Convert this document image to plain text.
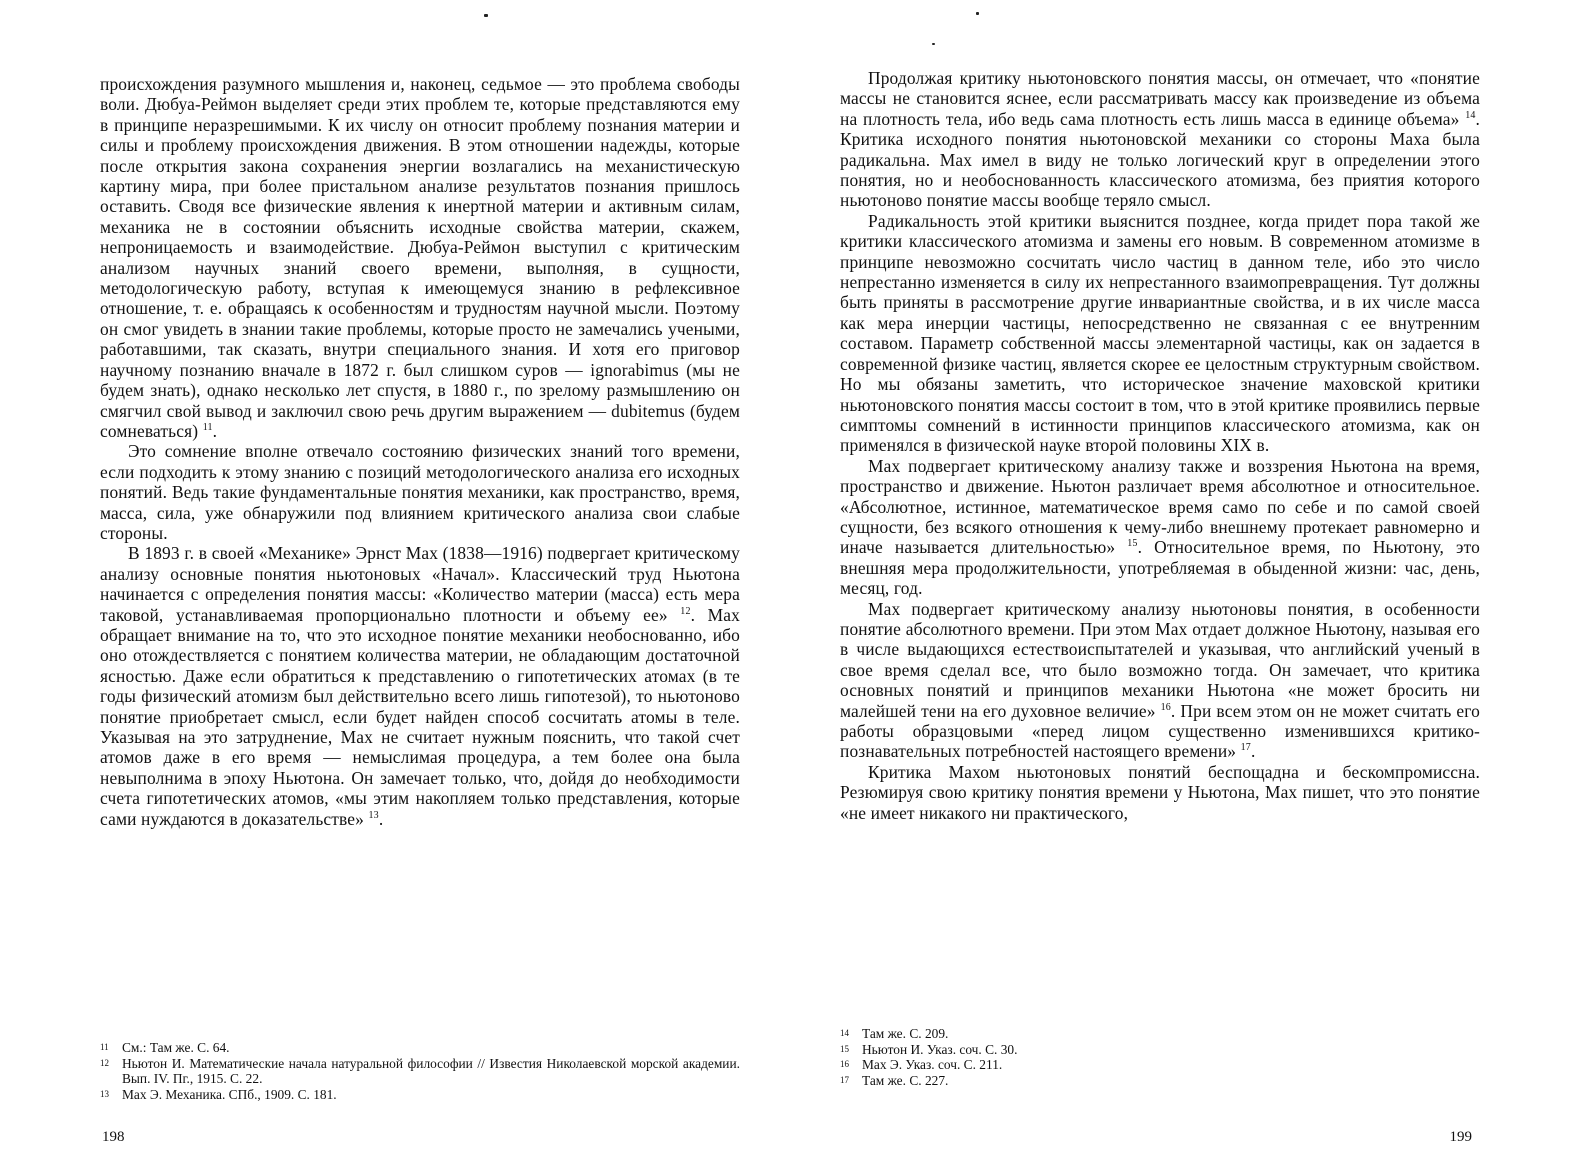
происхождения разумного мышления и, наконец, седьмое — это проблема свободы воли. Дюбуа-Реймон выделяет среди этих проблем те, которые представляются ему в принципе неразрешимыми. К их числу он относит проблему познания материи и силы и проблему происхождения движения. В этом отношении надежды, которые после открытия закона сохранения энергии возлагались на механистическую картину мира, при более пристальном анализе результатов познания пришлось оставить. Сводя все физические явления к инертной материи и активным силам, механика не в состоянии объяснить исходные свойства материи, скажем, непроницаемость и взаимодействие. Дюбуа-Реймон выступил с критическим анализом научных знаний своего времени, выполняя, в сущности, методологическую работу, вступая к имеющемуся знанию в рефлексивное отношение, т. е. обращаясь к особенностям и трудностям научной мысли. Поэтому он смог увидеть в знании такие проблемы, которые просто не замечались учеными, работавшими, так сказать, внутри специального знания. И хотя его приговор научному познанию вначале в 1872 г. был слишком суров — ignorabimus (мы не будем знать), однако несколько лет спустя, в 1880 г., по зрелому размышлению он смягчил свой вывод и заключил свою речь другим выражением — dubitemus (будем сомневаться) $^{11}$.

Это сомнение вполне отвечало состоянию физических знаний того времени, если подходить к этому знанию с позиций методологического анализа его исходных понятий. Ведь такие фундаментальные понятия механики, как пространство, время, масса, сила, уже обнаружили под влиянием критического анализа свои слабые стороны.

В 1893 г. в своей «Механике» Эрнст Мах (1838—1916) подвергает критическому анализу основные понятия ньютоновых «Начал». Классический труд Ньютона начинается с определения понятия массы: «Количество материи (масса) есть мера таковой, устанавливаемая пропорционально плотности и объему ее» $^{12}$. Мах обращает внимание на то, что это исходное понятие механики необоснованно, ибо оно отождествляется с понятием количества материи, не обладающим достаточной ясностью. Даже если обратиться к представлению о гипотетических атомах (в те годы физический атомизм был действительно всего лишь гипотезой), то ньютоново понятие приобретает смысл, если будет найден способ сосчитать атомы в теле. Указывая на это затруднение, Мах не считает нужным пояснить, что такой счет атомов даже в его время — немыслимая процедура, а тем более она была невыполнима в эпоху Ньютона. Он замечает только, что, дойдя до необходимости счета гипотетических атомов, «мы этим накопляем только представления, которые сами нуждаются в доказательстве» $^{13}$.

11 См.: Там же. С. 64.
12 Ньютон И. Математические начала натуральной философии // Известия Николаевской морской академии. Вып. IV. Пг., 1915. С. 22.
13 Мах Э. Механика. СПб., 1909. С. 181.
198

Продолжая критику ньютоновского понятия массы, он отмечает, что «понятие массы не становится яснее, если рассматривать массу как произведение из объема на плотность тела, ибо ведь сама плотность есть лишь масса в единице объема» $^{14}$. Критика исходного понятия ньютоновской механики со стороны Маха была радикальна. Мах имел в виду не только логический круг в определении этого понятия, но и необоснованность классического атомизма, без приятия которого ньютоново понятие массы вообще теряло смысл.

Радикальность этой критики выяснится позднее, когда придет пора такой же критики классического атомизма и замены его новым. В современном атомизме в принципе невозможно сосчитать число частиц в данном теле, ибо это число непрестанно изменяется в силу их непрестанного взаимопревращения. Тут должны быть приняты в рассмотрение другие инвариантные свойства, и в их числе масса как мера инерции частицы, непосредственно не связанная с ее внутренним составом. Параметр собственной массы элементарной частицы, как он задается в современной физике частиц, является скорее ее целостным структурным свойством. Но мы обязаны заметить, что историческое значение маховской критики ньютоновского понятия массы состоит в том, что в этой критике проявились первые симптомы сомнений в истинности принципов классического атомизма, как он применялся в физической науке второй половины XIX в.

Мах подвергает критическому анализу также и воззрения Ньютона на время, пространство и движение. Ньютон различает время абсолютное и относительное. «Абсолютное, истинное, математическое время само по себе и по самой своей сущности, без всякого отношения к чему-либо внешнему протекает равномерно и иначе называется длительностью» $^{15}$. Относительное время, по Ньютону, это внешняя мера продолжительности, употребляемая в обыденной жизни: час, день, месяц, год.

Мах подвергает критическому анализу ньютоновы понятия, в особенности понятие абсолютного времени. При этом Мах отдает должное Ньютону, называя его в числе выдающихся естествоиспытателей и указывая, что английский ученый в свое время сделал все, что было возможно тогда. Он замечает, что критика основных понятий и принципов механики Ньютона «не может бросить ни малейшей тени на его духовное величие» $^{16}$. При всем этом он не может считать его работы образцовыми «перед лицом существенно изменившихся критико-познавательных потребностей настоящего времени» $^{17}$.

Критика Махом ньютоновых понятий беспощадна и бескомпромиссна. Резюмируя свою критику понятия времени у Ньютона, Мах пишет, что это понятие «не имеет никакого ни практического,

14 Там же. С. 209.
15 Ньютон И. Указ. соч. С. 30.
16 Мах Э. Указ. соч. С. 211.
17 Там же. С. 227.
199
